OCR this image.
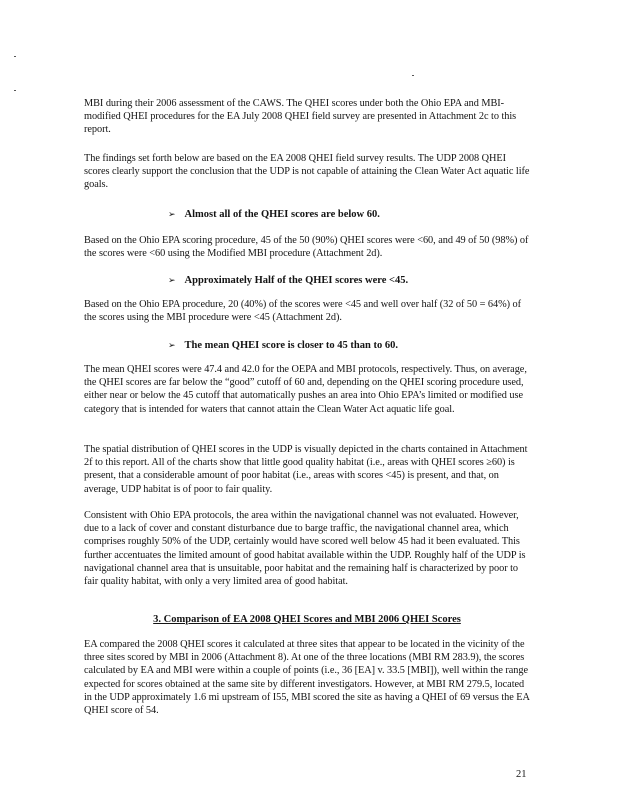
MBI during their 2006 assessment of the CAWS. The QHEI scores under both the Ohio EPA and MBI-modified QHEI procedures for the EA July 2008 QHEI field survey are presented in Attachment 2c to this report.

The findings set forth below are based on the EA 2008 QHEI field survey results. The UDP 2008 QHEI scores clearly support the conclusion that the UDP is not capable of attaining the Clean Water Act aquatic life goals.

➢ Almost all of the QHEI scores are below 60.

Based on the Ohio EPA scoring procedure, 45 of the 50 (90%) QHEI scores were <60, and 49 of 50 (98%) of the scores were <60 using the Modified MBI procedure (Attachment 2d).

➢ Approximately Half of the QHEI scores were <45.

Based on the Ohio EPA procedure, 20 (40%) of the scores were <45 and well over half (32 of 50 = 64%) of the scores using the MBI procedure were <45 (Attachment 2d).

➢ The mean QHEI score is closer to 45 than to 60.

The mean QHEI scores were 47.4 and 42.0 for the OEPA and MBI protocols, respectively. Thus, on average, the QHEI scores are far below the “good” cutoff of 60 and, depending on the QHEI scoring procedure used, either near or below the 45 cutoff that automatically pushes an area into Ohio EPA’s limited or modified use category that is intended for waters that cannot attain the Clean Water Act aquatic life goal.

The spatial distribution of QHEI scores in the UDP is visually depicted in the charts contained in Attachment 2f to this report. All of the charts show that little good quality habitat (i.e., areas with QHEI scores ≥60) is present, that a considerable amount of poor habitat (i.e., areas with scores <45) is present, and that, on average, UDP habitat is of poor to fair quality.

Consistent with Ohio EPA protocols, the area within the navigational channel was not evaluated. However, due to a lack of cover and constant disturbance due to barge traffic, the navigational channel area, which comprises roughly 50% of the UDP, certainly would have scored well below 45 had it been evaluated. This further accentuates the limited amount of good habitat available within the UDP. Roughly half of the UDP is navigational channel area that is unsuitable, poor habitat and the remaining half is characterized by poor to fair quality habitat, with only a very limited area of good habitat.

3. Comparison of EA 2008 QHEI Scores and MBI 2006 QHEI Scores

EA compared the 2008 QHEI scores it calculated at three sites that appear to be located in the vicinity of the three sites scored by MBI in 2006 (Attachment 8). At one of the three locations (MBI RM 283.9), the scores calculated by EA and MBI were within a couple of points (i.e., 36 [EA] v. 33.5 [MBI]), well within the range expected for scores obtained at the same site by different investigators. However, at MBI RM 279.5, located in the UDP approximately 1.6 mi upstream of I55, MBI scored the site as having a QHEI of 69 versus the EA QHEI score of 54.

21
